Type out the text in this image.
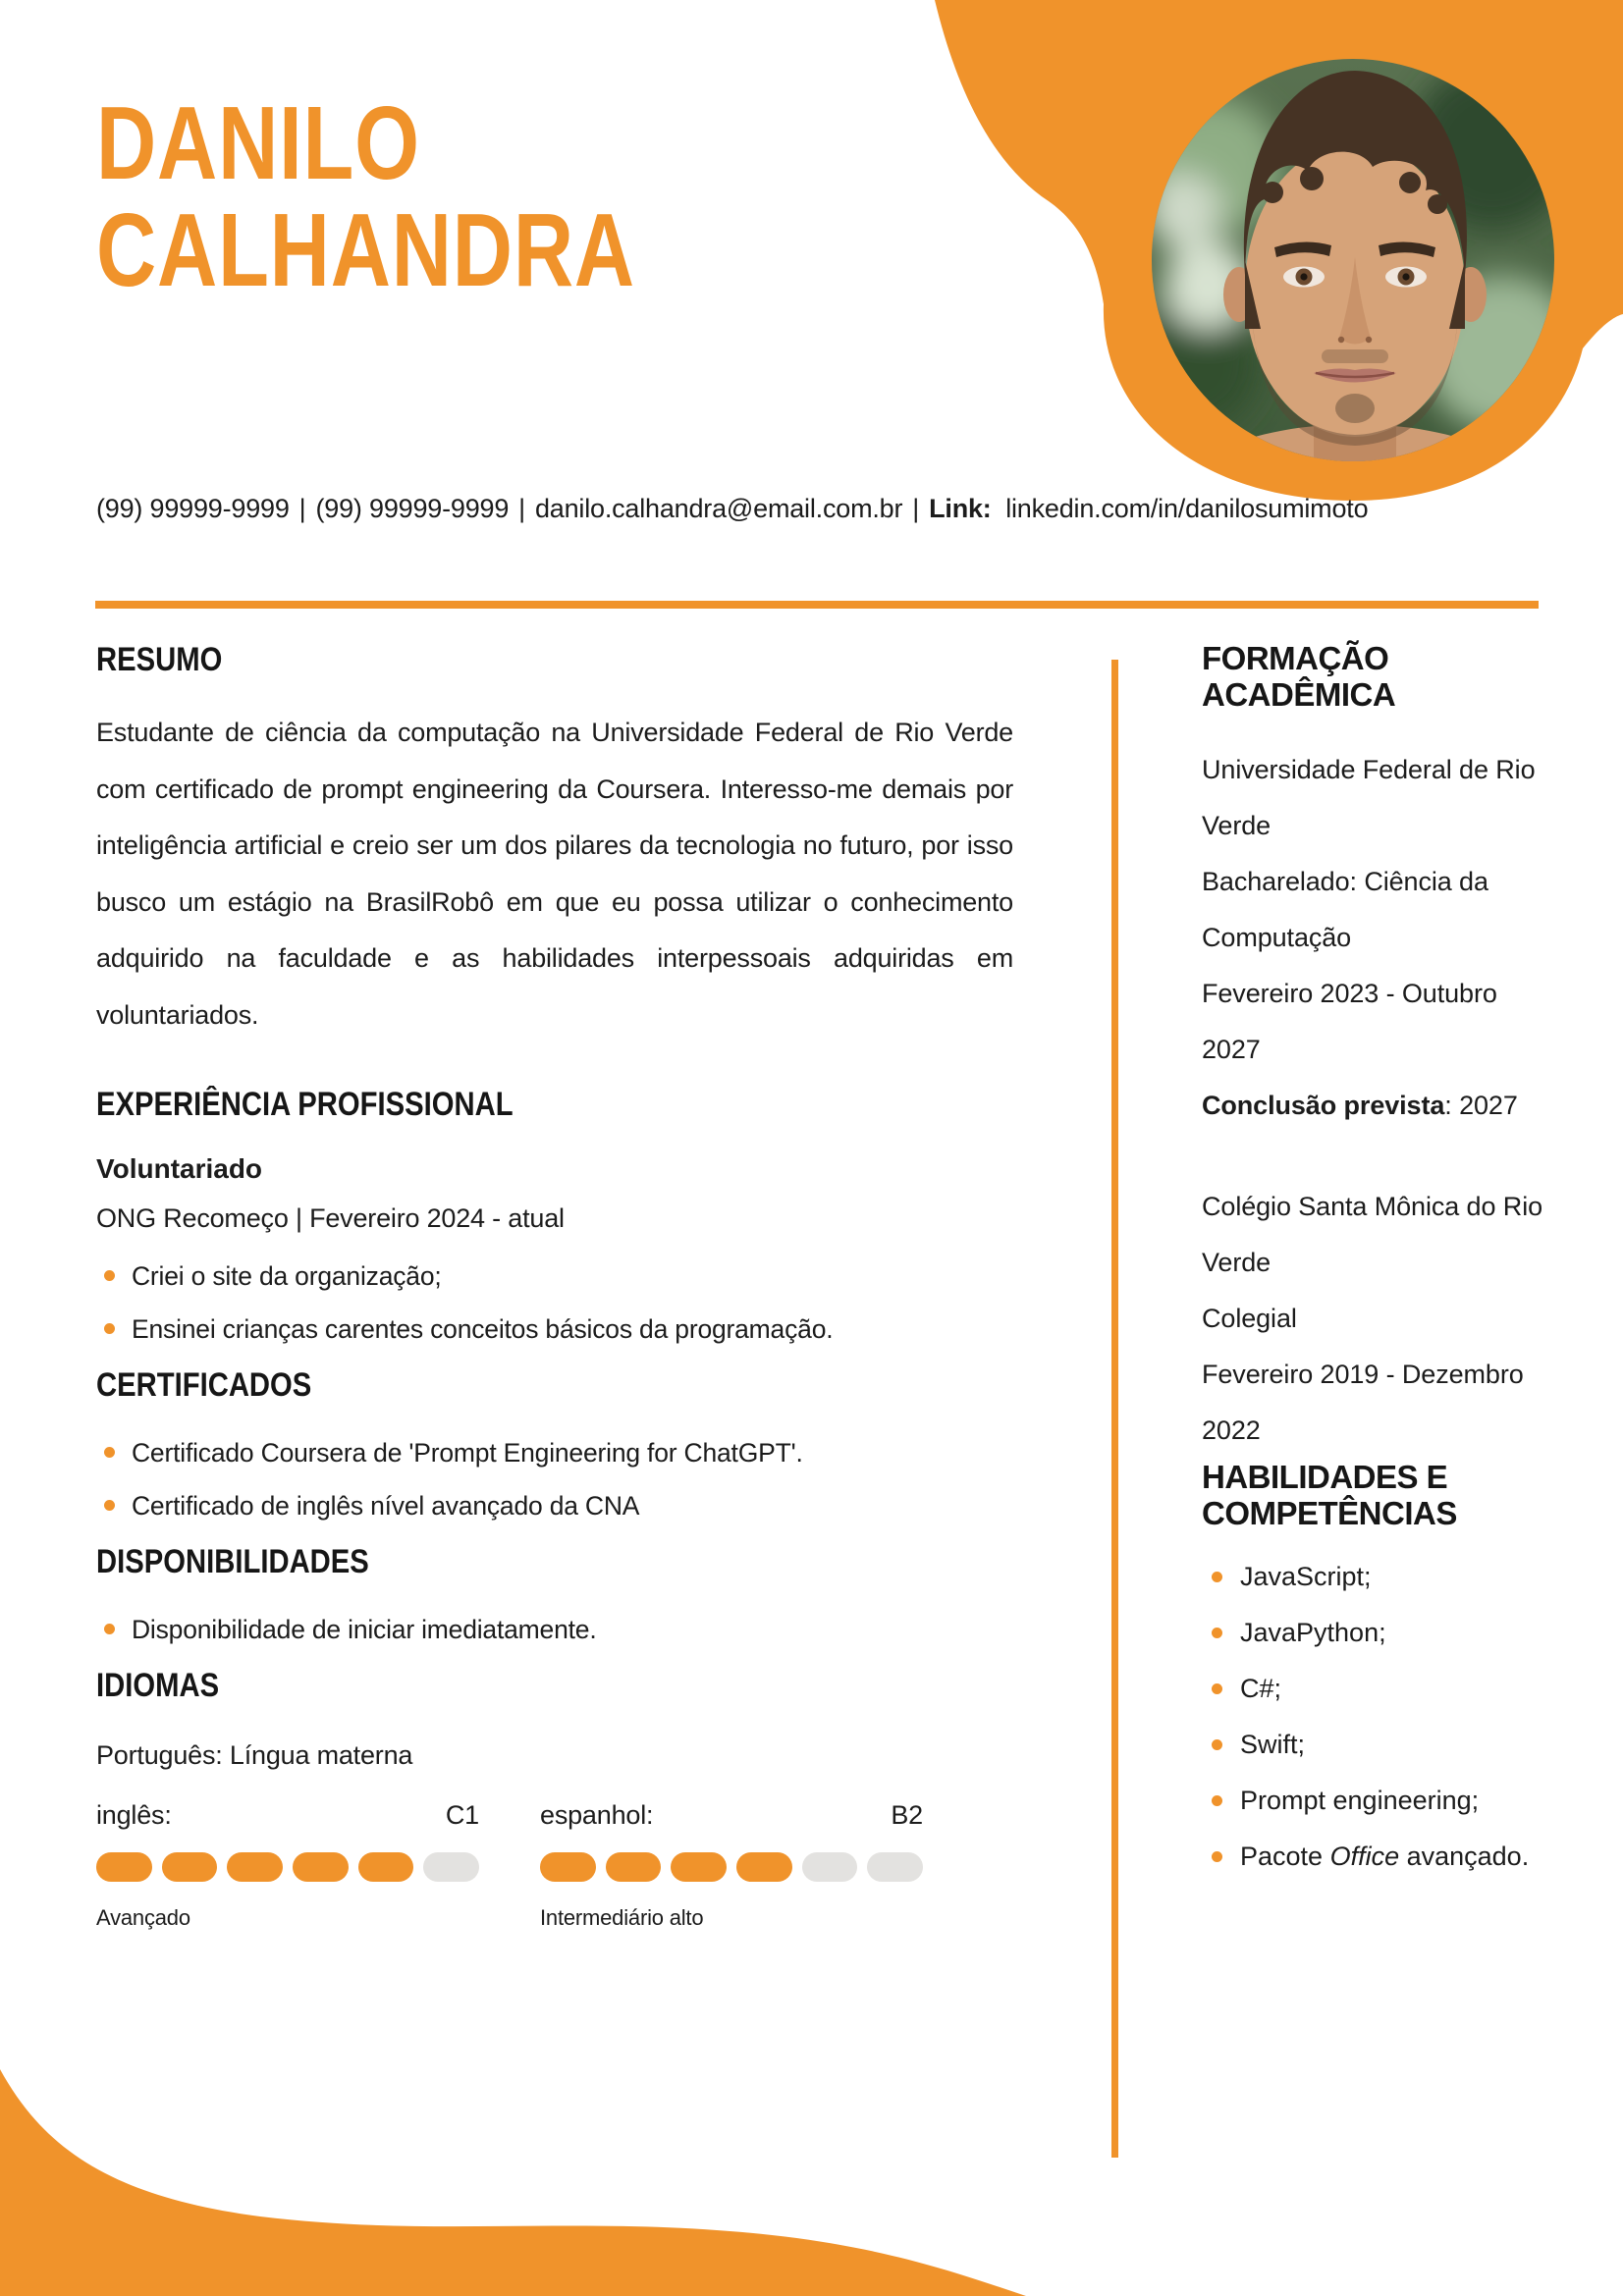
DANILO
CALHANDRA
(99) 99999-9999 | (99) 99999-9999 | danilo.calhandra@email.com.br | Link: linkedin.com/in/danilosumimoto
RESUMO

Estudante de ciência da computação na Universidade Federal de Rio Verde com certificado de prompt engineering da Coursera. Interesso-me demais por inteligência artificial e creio ser um dos pilares da tecnologia no futuro, por isso busco um estágio na BrasilRobô em que eu possa utilizar o conhecimento adquirido na faculdade e as habilidades interpessoais adquiridas em voluntariados.

EXPERIÊNCIA PROFISSIONAL
Voluntariado
ONG Recomeço | Fevereiro 2024 - atual
Criei o site da organização;
Ensinei crianças carentes conceitos básicos da programação.
CERTIFICADOS
Certificado Coursera de 'Prompt Engineering for ChatGPT'.
Certificado de inglês nível avançado da CNA
DISPONIBILIDADES
Disponibilidade de iniciar imediatamente.
IDIOMAS
Português: Língua materna
inglês:	C1
Avançado
espanhol:	B2
Intermediário alto
FORMAÇÃO
ACADÊMICA
Universidade Federal de Rio Verde
Bacharelado: Ciência da Computação
Fevereiro 2023 - Outubro 2027
Conclusão prevista: 2027
Colégio Santa Mônica do Rio Verde
Colegial
Fevereiro 2019 - Dezembro 2022
HABILIDADES E
COMPETÊNCIAS
JavaScript;
JavaPython;
C#;
Swift;
Prompt engineering;
Pacote Office avançado.
